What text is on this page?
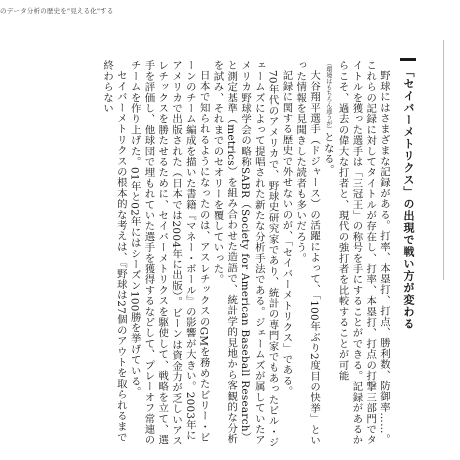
のデータ分析の歴史を"見える化"する
「セイバーメトリクス」の出現で戦い方が変わる

野球にはさまざまな記録がある。打率、本塁打、打点、勝利数、防御率……。これらの記録に対してタイトルが存在し、打率、本塁打、打点の打撃三部門でタイトルを獲った選手は「三冠王」の称号を手にすることができる。記録があるからこそ、過去の偉大な打者と、現代の強打者を比較することが可能（環境はもちろん違うが）となる。

大谷翔平選手（ドジャース）の活躍によって、「100年ぶり2度目の快挙」といった情報を見聞きした読者も多いだろう。

記録に関する歴史で外せないのが、「セイバーメトリクス」である。

70年代のアメリカで、野球史研究家であり、統計の専門家でもあったビル・ジェームズによって提唱された新たな分析手法である。ジェームズが属していたアメリカ野球学会の略称SABR（Society for American Baseball Research）と測定基準（metrics）を組み合わせた造語で、統計学的見地から客観的な分析を試み、それまでのセオリーを覆していった。

日本で知られるようになったのは、アスレチックスのGMを務めたビリー・ビーンのチーム編成を描いた書籍『マネー・ボール』の影響が大きい。2003年にアメリカで出版された（日本では2004年に出版）。ビーンは資金力が乏しいアスレチックスを勝たせるために、セイバーメトリクスを駆使して、戦略を立て、選手を評価し、他球団で埋もれていた選手を獲得するなどして、プレーオフ常連のチームを作り上げた。01年と02年にはシーズン100勝を挙げている。

セイバーメトリクスの根本的な考えは、『野球は27個のアウトを取られるまで終わらない
